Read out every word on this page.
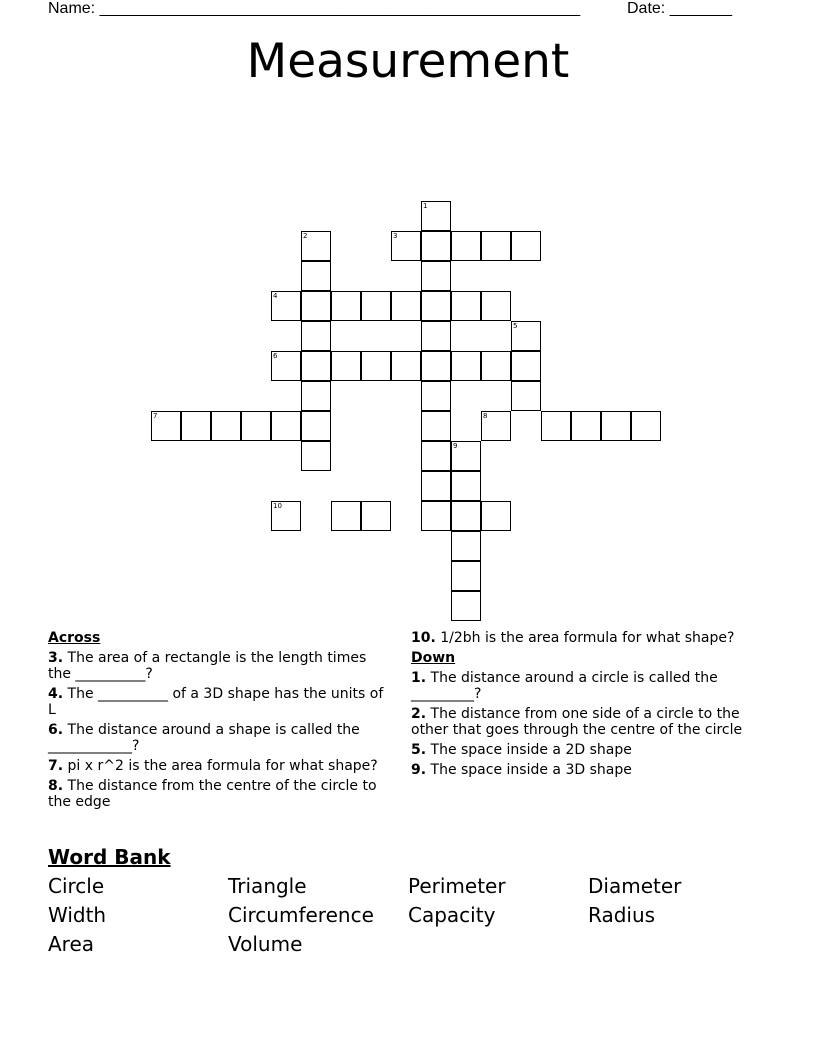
Name: ______________________________________________________	Date: _______
Measurement
1
2	3
4
5
6
7	8
9
10
Across
3. The area of a rectangle is the length times the __________?
4. The __________ of a 3D shape has the units of L
6. The distance around a shape is called the ____________?
7. pi x r^2 is the area formula for what shape?
8. The distance from the centre of the circle to the edge
10. 1/2bh is the area formula for what shape?
Down
1. The distance around a circle is called the _________?
2. The distance from one side of a circle to the other that goes through the centre of the circle
5. The space inside a 2D shape
9. The space inside a 3D shape
Word Bank
Circle	Triangle	Perimeter	Diameter
Width	Circumference	Capacity	Radius
Area	Volume
